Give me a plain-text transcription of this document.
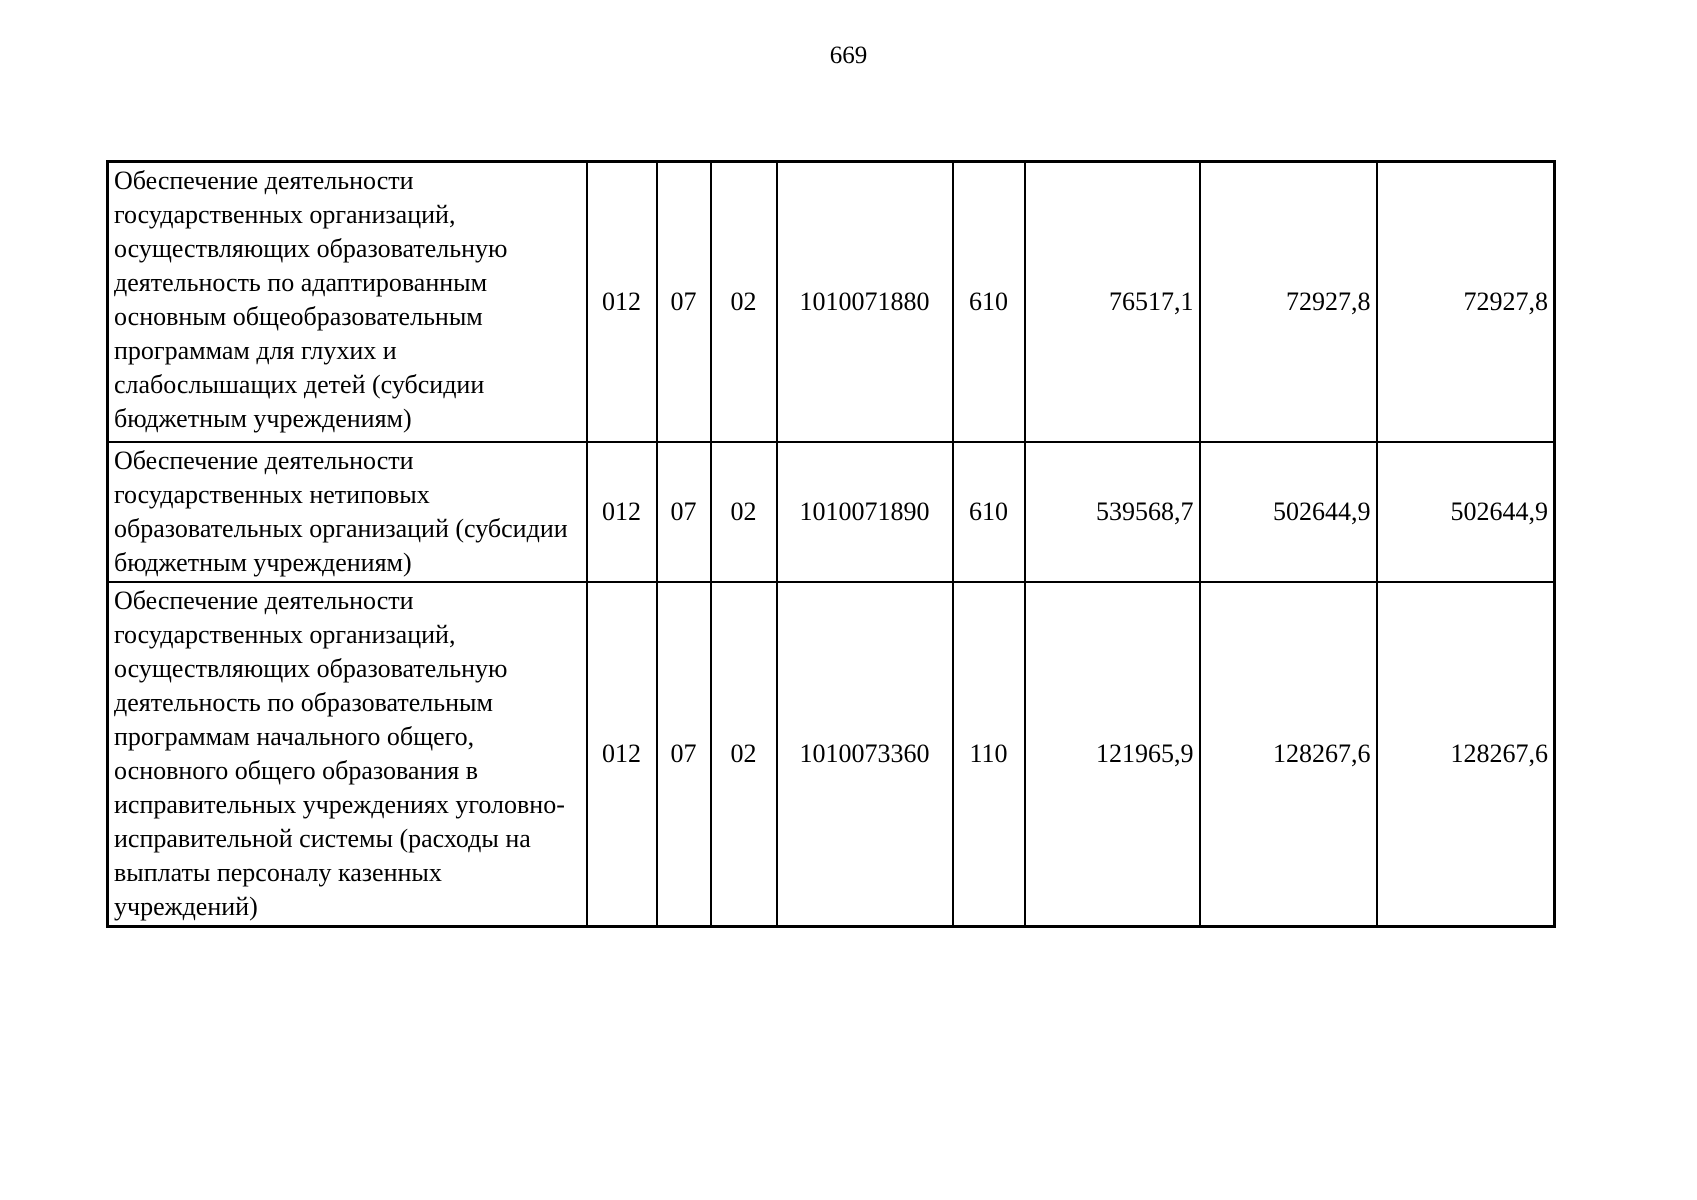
669
Обеспечение деятельности государственных организаций, осуществляющих образовательную деятельность по адаптированным основным общеобразовательным программам для глухих и слабослышащих детей (субсидии бюджетным учреждениям)	012	07	02	1010071880	610	76517,1	72927,8	72927,8
Обеспечение деятельности государственных нетиповых образовательных организаций (субсидии бюджетным учреждениям)	012	07	02	1010071890	610	539568,7	502644,9	502644,9
Обеспечение деятельности государственных организаций, осуществляющих образовательную деятельность по образовательным программам начального общего, основного общего образования в исправительных учреждениях уголовно-исправительной системы (расходы на выплаты персоналу казенных учреждений)	012	07	02	1010073360	110	121965,9	128267,6	128267,6
